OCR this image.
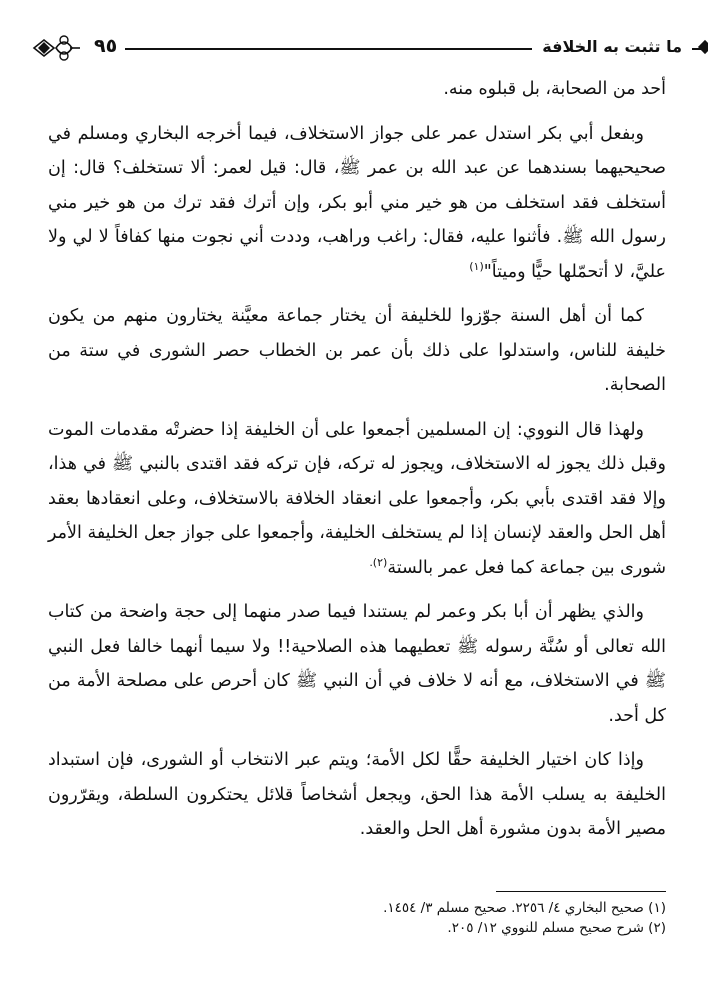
٩٥	ما تثبت به الخلافة

أحد من الصحابة، بل قبلوه منه.

وبفعل أبي بكر استدل عمر على جواز الاستخلاف، فيما أخرجه البخاري ومسلم في صحيحيهما بسندهما عن عبد الله بن عمر ﷺ، قال: قيل لعمر: ألا تستخلف؟ قال: إن أستخلف فقد استخلف من هو خير مني أبو بكر، وإن أترك فقد ترك من هو خير مني رسول الله ﷺ. فأثنوا عليه، فقال: راغب وراهب، وددت أني نجوت منها كفافاً لا لي ولا عليَّ، لا أتحمّلها حيًّا وميتاً"$^{(١)}$

كما أن أهل السنة جوّزوا للخليفة أن يختار جماعة معيَّنة يختارون منهم من يكون خليفة للناس، واستدلوا على ذلك بأن عمر بن الخطاب حصر الشورى في ستة من الصحابة.

ولهذا قال النووي: إن المسلمين أجمعوا على أن الخليفة إذا حضرتْه مقدمات الموت وقبل ذلك يجوز له الاستخلاف، ويجوز له تركه، فإن تركه فقد اقتدى بالنبي ﷺ في هذا، وإلا فقد اقتدى بأبي بكر، وأجمعوا على انعقاد الخلافة بالاستخلاف، وعلى انعقادها بعقد أهل الحل والعقد لإنسان إذا لم يستخلف الخليفة، وأجمعوا على جواز جعل الخليفة الأمر شورى بين جماعة كما فعل عمر بالستة$^{(٢).}$

والذي يظهر أن أبا بكر وعمر لم يستندا فيما صدر منهما إلى حجة واضحة من كتاب الله تعالى أو سُنَّة رسوله ﷺ تعطيهما هذه الصلاحية!! ولا سيما أنهما خالفا فعل النبي ﷺ في الاستخلاف، مع أنه لا خلاف في أن النبي ﷺ كان أحرص على مصلحة الأمة من كل أحد.

وإذا كان اختيار الخليفة حقًّا لكل الأمة؛ ويتم عبر الانتخاب أو الشورى، فإن استبداد الخليفة به يسلب الأمة هذا الحق، ويجعل أشخاصاً قلائل يحتكرون السلطة، ويقرّرون مصير الأمة بدون مشورة أهل الحل والعقد.

(١) صحيح البخاري ٤/ ٢٢٥٦. صحيح مسلم ٣/ ١٤٥٤.

(٢) شرح صحيح مسلم للنووي ١٢/ ٢٠٥.
